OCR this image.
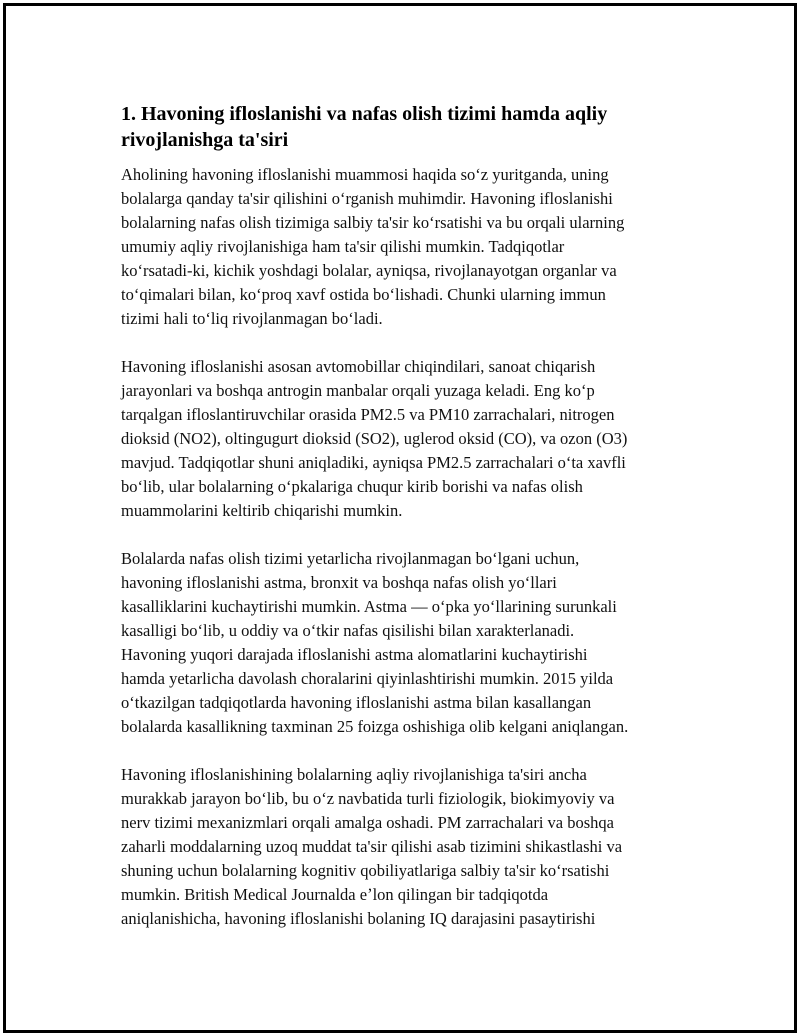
1. Havoning ifloslanishi va nafas olish tizimi hamda aqliy
rivojlanishga ta'siri

Aholining havoning ifloslanishi muammosi haqida soʻz yuritganda, uning
bolalarga qanday ta'sir qilishini oʻrganish muhimdir. Havoning ifloslanishi
bolalarning nafas olish tizimiga salbiy ta'sir koʻrsatishi va bu orqali ularning
umumiy aqliy rivojlanishiga ham ta'sir qilishi mumkin. Tadqiqotlar
koʻrsatadi-ki, kichik yoshdagi bolalar, ayniqsa, rivojlanayotgan organlar va
toʻqimalari bilan, koʻproq xavf ostida boʻlishadi. Chunki ularning immun
tizimi hali toʻliq rivojlanmagan boʻladi.

Havoning ifloslanishi asosan avtomobillar chiqindilari, sanoat chiqarish
jarayonlari va boshqa antrogin manbalar orqali yuzaga keladi. Eng koʻp
tarqalgan ifloslantiruvchilar orasida PM2.5 va PM10 zarrachalari, nitrogen
dioksid (NO2), oltingugurt dioksid (SO2), uglerod oksid (CO), va ozon (O3)
mavjud. Tadqiqotlar shuni aniqladiki, ayniqsa PM2.5 zarrachalari oʻta xavfli
boʻlib, ular bolalarning oʻpkalariga chuqur kirib borishi va nafas olish
muammolarini keltirib chiqarishi mumkin.

Bolalarda nafas olish tizimi yetarlicha rivojlanmagan boʻlgani uchun,
havoning ifloslanishi astma, bronxit va boshqa nafas olish yoʻllari
kasalliklarini kuchaytirishi mumkin. Astma — oʻpka yoʻllarining surunkali
kasalligi boʻlib, u oddiy va oʻtkir nafas qisilishi bilan xarakterlanadi.
Havoning yuqori darajada ifloslanishi astma alomatlarini kuchaytirishi
hamda yetarlicha davolash choralarini qiyinlashtirishi mumkin. 2015 yilda
oʻtkazilgan tadqiqotlarda havoning ifloslanishi astma bilan kasallangan
bolalarda kasallikning taxminan 25 foizga oshishiga olib kelgani aniqlangan.

Havoning ifloslanishining bolalarning aqliy rivojlanishiga ta'siri ancha
murakkab jarayon boʻlib, bu oʻz navbatida turli fiziologik, biokimyoviy va
nerv tizimi mexanizmlari orqali amalga oshadi. PM zarrachalari va boshqa
zaharli moddalarning uzoq muddat ta'sir qilishi asab tizimini shikastlashi va
shuning uchun bolalarning kognitiv qobiliyatlariga salbiy ta'sir koʻrsatishi
mumkin. British Medical Journalda eʼlon qilingan bir tadqiqotda
aniqlanishicha, havoning ifloslanishi bolaning IQ darajasini pasaytirishi
